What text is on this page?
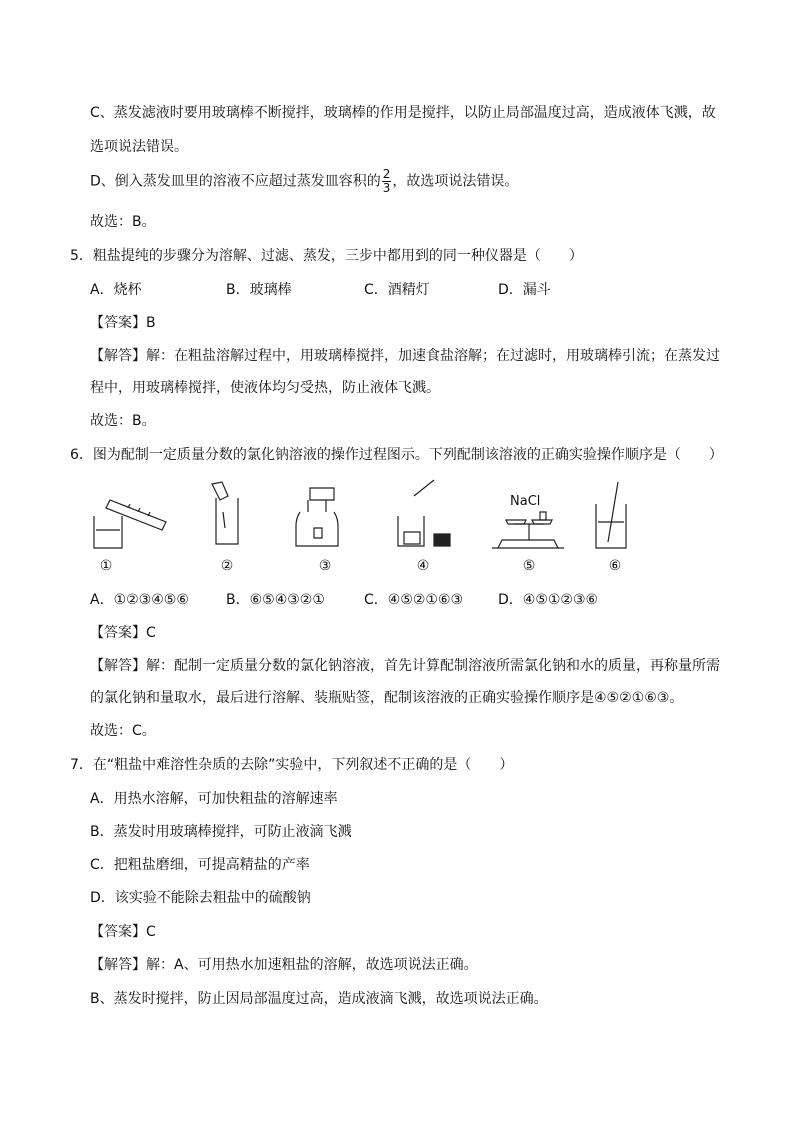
C、蒸发滤液时要用玻璃棒不断搅拌，玻璃棒的作用是搅拌，以防止局部温度过高，造成液体飞溅，故
选项说法错误。
D、倒入蒸发皿里的溶液不应超过蒸发皿容积的 $\frac{2}{3}$ ，故选项说法错误。
故选：B。
5．粗盐提纯的步骤分为溶解、过滤、蒸发，三步中都用到的同一种仪器是（　　）
A．烧杯	B．玻璃棒	C．酒精灯	D．漏斗
【答案】B
【解答】解：在粗盐溶解过程中，用玻璃棒搅拌，加速食盐溶解；在过滤时，用玻璃棒引流；在蒸发过
程中，用玻璃棒搅拌，使液体均匀受热，防止液体飞溅。
故选：B。
6．图为配制一定质量分数的氯化钠溶液的操作过程图示。下列配制该溶液的正确实验操作顺序是（　　）
NaCl
①	②	③	④	⑤	⑥
A．①②③④⑤⑥	B．⑥⑤④③②①	C．④⑤②①⑥③ D．④⑤①②③⑥
【答案】C
【解答】解：配制一定质量分数的氯化钠溶液，首先计算配制溶液所需氯化钠和水的质量，再称量所需
的氯化钠和量取水，最后进行溶解、装瓶贴签，配制该溶液的正确实验操作顺序是④⑤②①⑥③。
故选：C。
7．在“粗盐中难溶性杂质的去除”实验中，下列叙述不正确的是（　　）
A．用热水溶解，可加快粗盐的溶解速率
B．蒸发时用玻璃棒搅拌，可防止液滴飞溅
C．把粗盐磨细，可提高精盐的产率
D．该实验不能除去粗盐中的硫酸钠
【答案】C
【解答】解：A、可用热水加速粗盐的溶解，故选项说法正确。
B、蒸发时搅拌，防止因局部温度过高，造成液滴飞溅，故选项说法正确。
